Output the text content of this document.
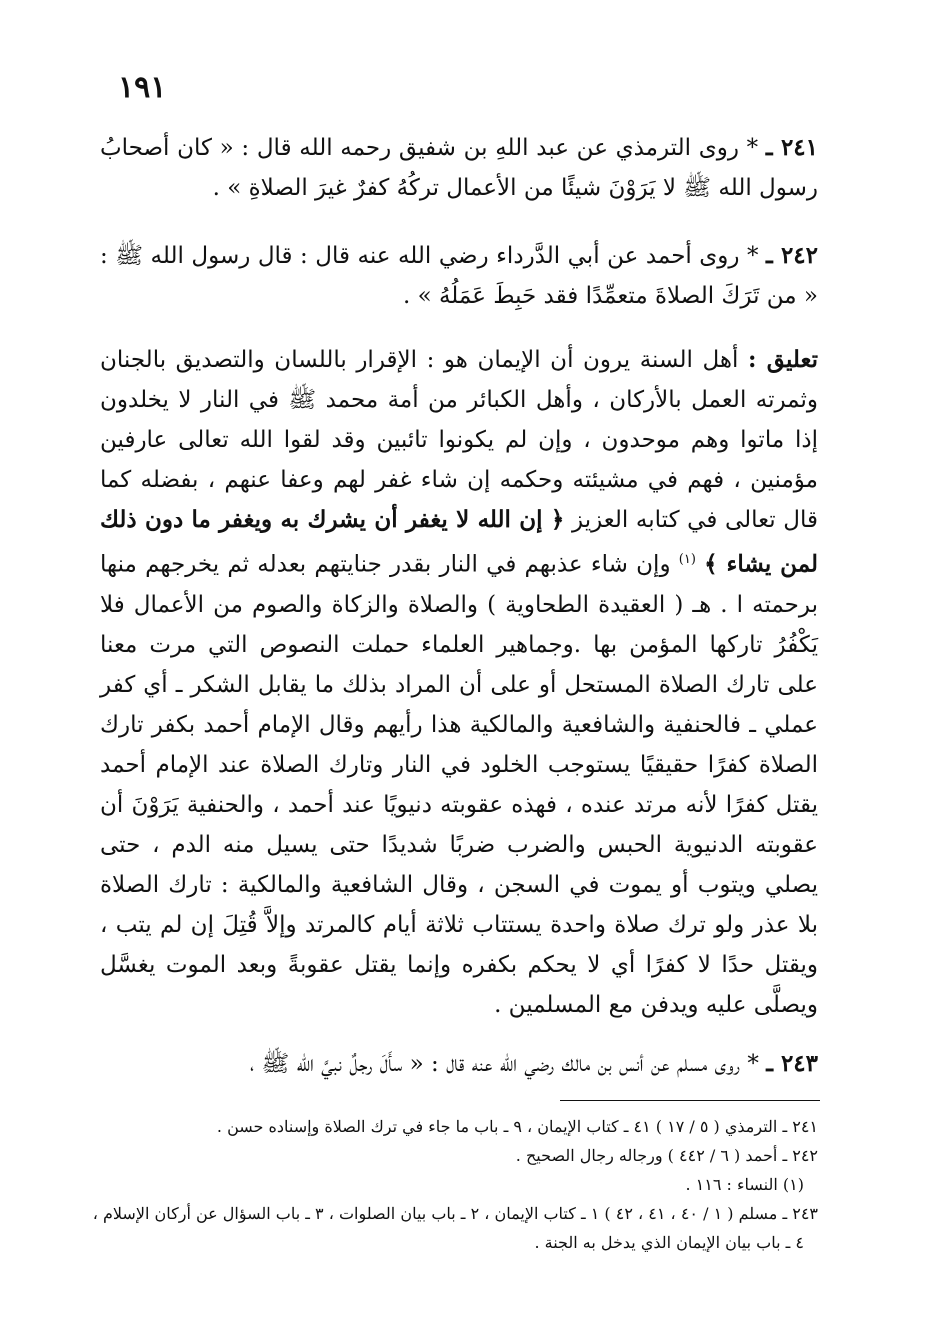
١٩١
٢٤١ ـ * روى الترمذي عن عبد اللهِ بن شفيق رحمه الله قال : « كان أصحابُ رسول الله ﷺ لا يَرَوْنَ شيئًا من الأعمال تركُهُ كفرٌ غيرَ الصلاةِ » .
٢٤٢ ـ * روى أحمد عن أبي الدَّرداء رضي الله عنه قال : قال رسول الله ﷺ : « من تَرَكَ الصلاةَ متعمِّدًا فقد حَبِطَ عَمَلُهُ » .
تعليق : أهل السنة يرون أن الإيمان هو : الإقرار باللسان والتصديق بالجنان وثمرته العمل بالأركان ، وأهل الكبائر من أمة محمد ﷺ في النار لا يخلدون إذا ماتوا وهم موحدون ، وإن لم يكونوا تائبين وقد لقوا الله تعالى عارفين مؤمنين ، فهم في مشيئته وحكمه إن شاء غفر لهم وعفا عنهم ، بفضله كما قال تعالى في كتابه العزيز ﴿ إن الله لا يغفر أن يشرك به ويغفر ما دون ذلك لمن يشاء ﴾ $^{(١)}$ وإن شاء عذبهم في النار بقدر جنايتهم بعدله ثم يخرجهم منها برحمته ا . هـ ( العقيدة الطحاوية ) والصلاة والزكاة والصوم من الأعمال فلا يَكْفُرُ تاركها المؤمن بها .وجماهير العلماء حملت النصوص التي مرت معنا على تارك الصلاة المستحل أو على أن المراد بذلك ما يقابل الشكر ـ أي كفر عملي ـ فالحنفية والشافعية والمالكية هذا رأيهم وقال الإمام أحمد بكفر تارك الصلاة كفرًا حقيقيًا يستوجب الخلود في النار وتارك الصلاة عند الإمام أحمد يقتل كفرًا لأنه مرتد عنده ، فهذه عقوبته دنيويًا عند أحمد ، والحنفية يَرَوْنَ أن عقوبته الدنيوية الحبس والضرب ضربًا شديدًا حتى يسيل منه الدم ، حتى يصلي ويتوب أو يموت في السجن ، وقال الشافعية والمالكية : تارك الصلاة بلا عذر ولو ترك صلاة واحدة يستتاب ثلاثة أيام كالمرتد وإلاَّ قُتِلَ إن لم يتب ، ويقتل حدًا لا كفرًا أي لا يحكم بكفره وإنما يقتل عقوبةً وبعد الموت يغسَّل ويصلَّى عليه ويدفن مع المسلمين .
٢٤٣ ـ * روى مسلم عن أنس بن مالك رضي الله عنه قال : « سأَلَ رجلٌ نبيَّ الله ﷺ ،

٢٤١ ـ الترمذي ( ٥ / ١٧ ) ٤١ ـ كتاب الإيمان ، ٩ ـ باب ما جاء في ترك الصلاة وإسناده حسن .

٢٤٢ ـ أحمد ( ٦ / ٤٤٢ ) ورجاله رجال الصحيح .

(١) النساء : ١١٦ .

٢٤٣ ـ مسلم ( ١ / ٤٠ ، ٤١ ، ٤٢ ) ١ ـ كتاب الإيمان ، ٢ ـ باب بيان الصلوات ، ٣ ـ باب السؤال عن أركان الإسلام ،

٤ ـ باب بيان الإيمان الذي يدخل به الجنة .
